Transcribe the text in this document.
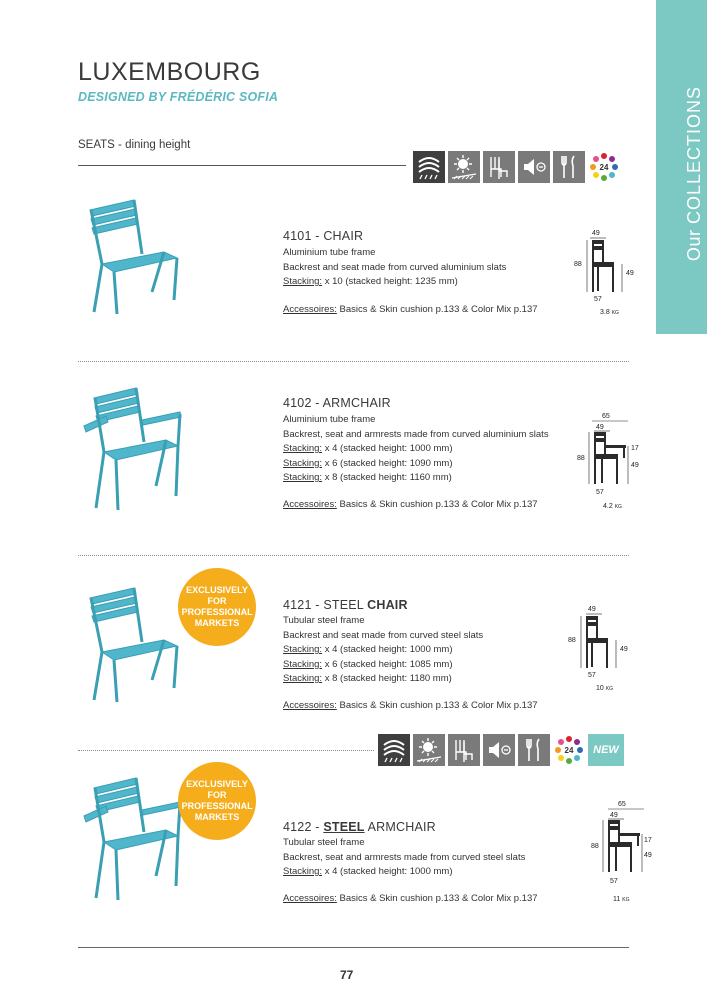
Our COLLECTIONS
LUXEMBOURG
DESIGNED BY FRÉDÉRIC SOFIA
SEATS - dining height
24
4101 - CHAIR
Aluminium tube frame
Backrest and seat made from curved aluminium slats
Stacking: x 10 (stacked height: 1235 mm)
Accessoires: Basics & Skin cushion p.133 & Color Mix p.137
49
88
49
57
3.8 KG
4102 - ARMCHAIR
Aluminium tube frame
Backrest, seat and armrests made from curved aluminium slats
Stacking: x 4 (stacked height: 1000 mm)
Stacking: x 6 (stacked height: 1090 mm)
Stacking: x 8 (stacked height: 1160 mm)
Accessoires: Basics & Skin cushion p.133 & Color Mix p.137
65
49
88
17
49
57
4.2 KG
EXCLUSIVELY FOR PROFESSIONAL MARKETS
4121 - STEEL CHAIR
Tubular steel frame
Backrest and seat made from curved steel slats
Stacking: x 4 (stacked height: 1000 mm)
Stacking: x 6 (stacked height: 1085 mm)
Stacking: x 8 (stacked height: 1180 mm)
Accessoires: Basics & Skin cushion p.133 & Color Mix p.137
49
88
49
57
10 KG
24	NEW
EXCLUSIVELY FOR PROFESSIONAL MARKETS
4122 - STEEL ARMCHAIR
Tubular steel frame
Backrest, seat and armrests made from curved steel slats
Stacking: x 4 (stacked height: 1000 mm)
Accessoires: Basics & Skin cushion p.133 & Color Mix p.137
65
49
88
17
49
57
11 KG
77
